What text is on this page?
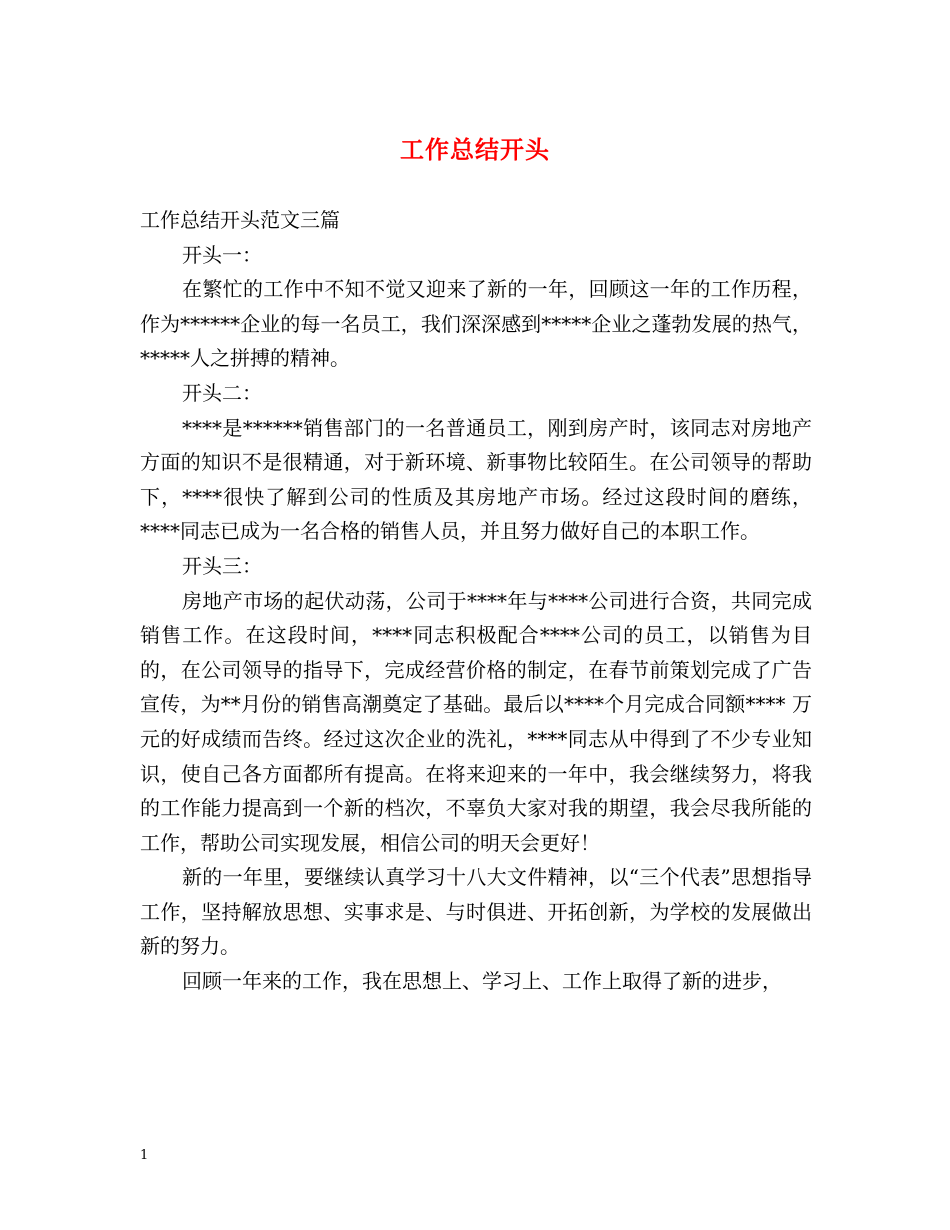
工作总结开头

工作总结开头范文三篇

开头一：

在繁忙的工作中不知不觉又迎来了新的一年，回顾这一年的工作历程，作为******企业的每一名员工，我们深深感到*****企业之蓬勃发展的热气，*****人之拼搏的精神。

开头二：

****是******销售部门的一名普通员工，刚到房产时，该同志对房地产方面的知识不是很精通，对于新环境、新事物比较陌生。在公司领导的帮助下，****很快了解到公司的性质及其房地产市场。经过这段时间的磨练，****同志已成为一名合格的销售人员，并且努力做好自己的本职工作。

开头三：

房地产市场的起伏动荡，公司于****年与****公司进行合资，共同完成销售工作。在这段时间，****同志积极配合****公司的员工，以销售为目的，在公司领导的指导下，完成经营价格的制定，在春节前策划完成了广告宣传，为**月份的销售高潮奠定了基础。最后以****个月完成合同额**** 万元的好成绩而告终。经过这次企业的洗礼，****同志从中得到了不少专业知识，使自己各方面都所有提高。在将来迎来的一年中，我会继续努力，将我的工作能力提高到一个新的档次，不辜负大家对我的期望，我会尽我所能的工作，帮助公司实现发展，相信公司的明天会更好！

新的一年里，要继续认真学习十八大文件精神，以“三个代表”思想指导工作，坚持解放思想、实事求是、与时俱进、开拓创新，为学校的发展做出新的努力。

回顾一年来的工作，我在思想上、学习上、工作上取得了新的进步，

1
